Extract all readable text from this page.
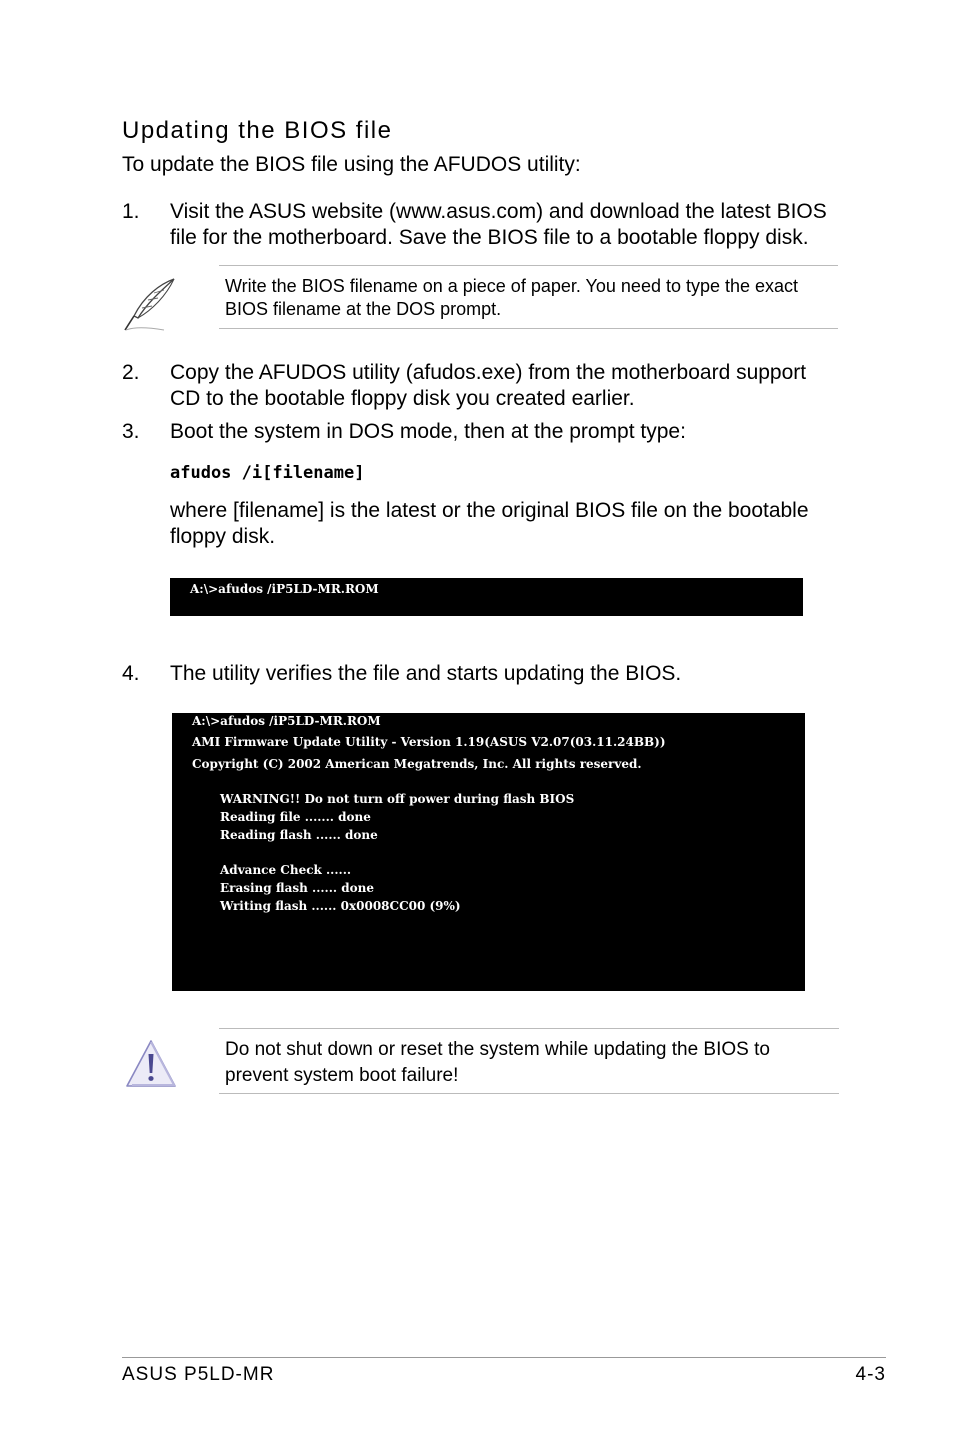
Updating the BIOS file
To update the BIOS file using the AFUDOS utility:
1.	Visit the ASUS website (www.asus.com) and download the latest BIOS file for the motherboard. Save the BIOS file to a bootable floppy disk.
Write the BIOS filename on a piece of paper. You need to type the exact BIOS filename at the DOS prompt.
2.	Copy the AFUDOS utility (afudos.exe) from the motherboard support CD to the bootable floppy disk you created earlier.
3.	Boot the system in DOS mode, then at the prompt type:
afudos /i[filename]
where [filename] is the latest or the original BIOS file on the bootable floppy disk.

A:\>afudos /iP5LD-MR.ROM

4.	The utility verifies the file and starts updating the BIOS.

A:\>afudos /iP5LD-MR.ROM

AMI Firmware Update Utility - Version 1.19(ASUS V2.07(03.11.24BB))

Copyright (C) 2002 American Megatrends, Inc. All rights reserved.

WARNING!! Do not turn off power during flash BIOS

Reading file ....... done

Reading flash ...... done

Advance Check ......

Erasing flash ...... done

Writing flash ...... 0x0008CC00 (9%)

Do not shut down or reset the system while updating the BIOS to prevent system boot failure!
ASUS P5LD-MR	4-3
